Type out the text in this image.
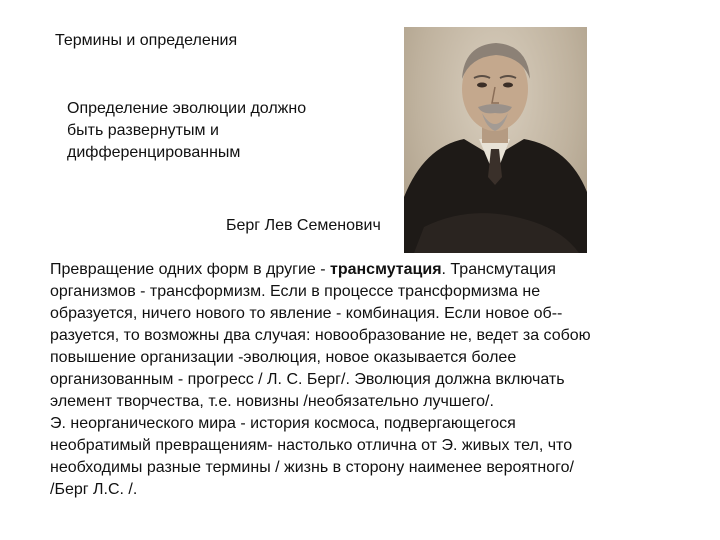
Термины и определения
Определение эволюции должно
быть развернутым и
дифференцированным
Берг Лев Семенович
Превращение одних форм в другие - трансмутация. Трансмутация
организмов - трансформизм. Если в процессе трансформизма не
образуется, ничего нового то явление - комбинация. Если новое об--
разуется, то возможны два случая: новообразование не, ведет за собою
повышение организации -эволюция, новое оказывается более
организованным - прогресс / Л. С. Берг/. Эволюция должна включать
элемент творчества, т.е. новизны /необязательно лучшего/.
Э. неорганического мира - история космоса, подвергающегося
необратимый превращениям- настолько отлична от Э. живых тел, что
необходимы разные термины / жизнь в сторону наименее вероятного/
/Берг Л.С. /.
